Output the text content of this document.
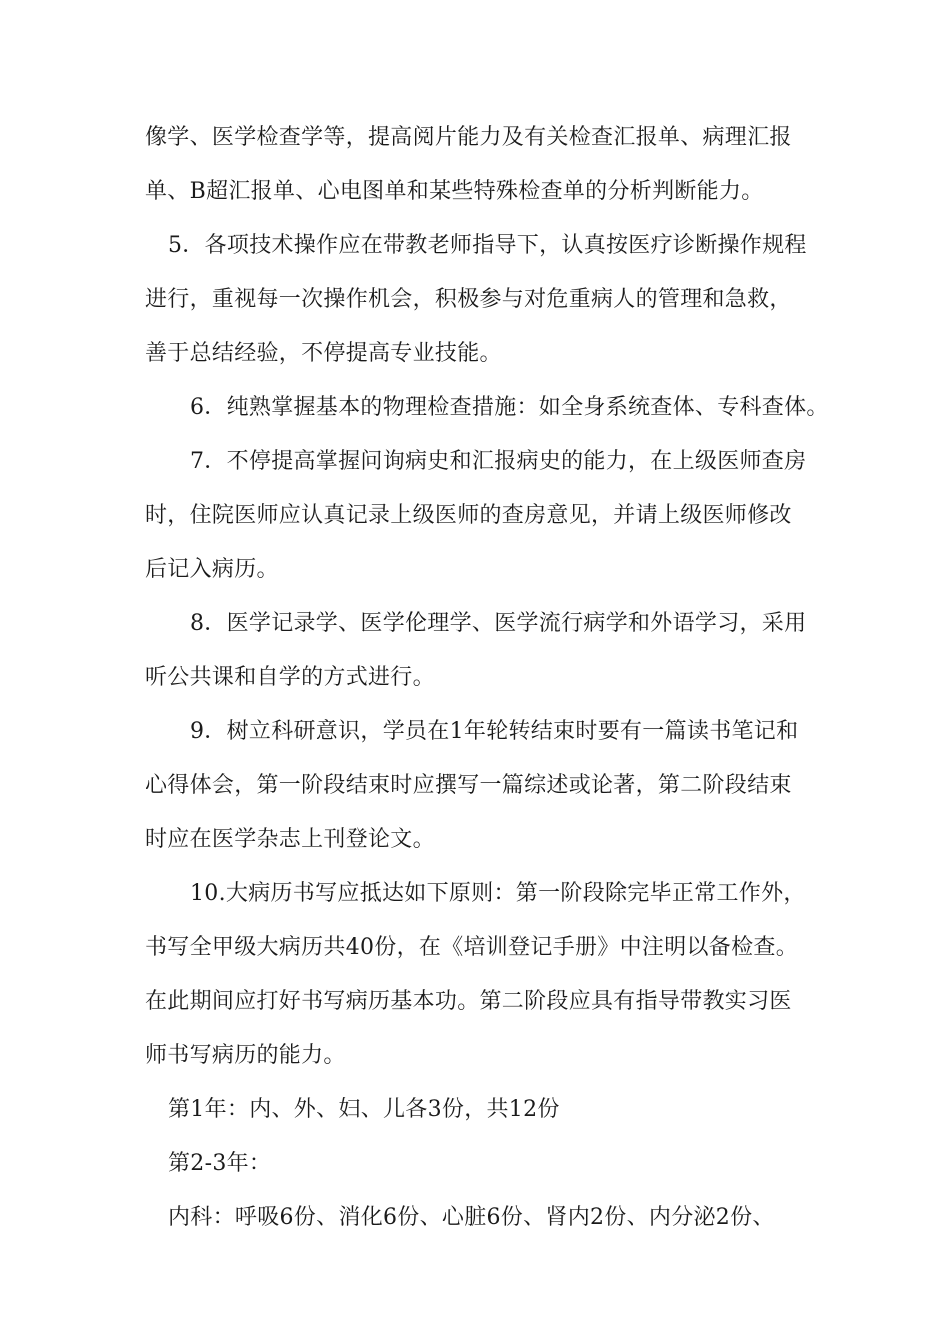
像学、医学检查学等，提高阅片能力及有关检查汇报单、病理汇报
单、B超汇报单、心电图单和某些特殊检查单的分析判断能力。
5．各项技术操作应在带教老师指导下，认真按医疗诊断操作规程
进行，重视每一次操作机会，积极参与对危重病人的管理和急救，
善于总结经验，不停提高专业技能。
6．纯熟掌握基本的物理检查措施：如全身系统查体、专科查体。
7．不停提高掌握问询病史和汇报病史的能力，在上级医师查房
时，住院医师应认真记录上级医师的查房意见，并请上级医师修改
后记入病历。
8．医学记录学、医学伦理学、医学流行病学和外语学习，采用
听公共课和自学的方式进行。
9．树立科研意识，学员在1年轮转结束时要有一篇读书笔记和
心得体会，第一阶段结束时应撰写一篇综述或论著，第二阶段结束
时应在医学杂志上刊登论文。
10.大病历书写应抵达如下原则：第一阶段除完毕正常工作外，
书写全甲级大病历共40份，在《培训登记手册》中注明以备检查。
在此期间应打好书写病历基本功。第二阶段应具有指导带教实习医
师书写病历的能力。
第1年：内、外、妇、儿各3份，共12份
第2-3年：
内科：呼吸6份、消化6份、心脏6份、肾内2份、内分泌2份、
